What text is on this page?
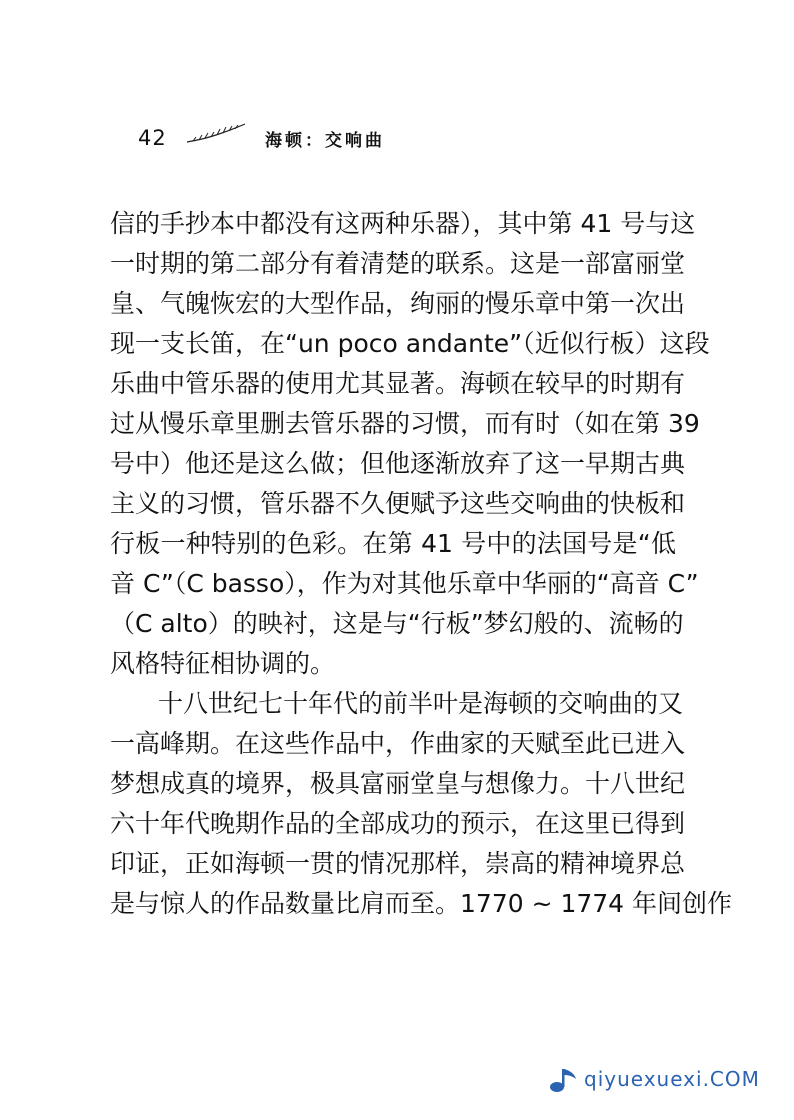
42	海顿：交响曲
信的手抄本中都没有这两种乐器），其中第 41 号与这
一时期的第二部分有着清楚的联系。这是一部富丽堂
皇、气魄恢宏的大型作品，绚丽的慢乐章中第一次出
现一支长笛，在“un poco andante”（近似行板）这段
乐曲中管乐器的使用尤其显著。海顿在较早的时期有
过从慢乐章里删去管乐器的习惯，而有时（如在第 39
号中）他还是这么做；但他逐渐放弃了这一早期古典
主义的习惯，管乐器不久便赋予这些交响曲的快板和
行板一种特别的色彩。在第 41 号中的法国号是“低
音 C”（C basso），作为对其他乐章中华丽的“高音 C”
（C alto）的映衬，这是与“行板”梦幻般的、流畅的
风格特征相协调的。
十八世纪七十年代的前半叶是海顿的交响曲的又
一高峰期。在这些作品中，作曲家的天赋至此已进入
梦想成真的境界，极具富丽堂皇与想像力。十八世纪
六十年代晚期作品的全部成功的预示，在这里已得到
印证，正如海顿一贯的情况那样，崇高的精神境界总
是与惊人的作品数量比肩而至。1770 ~ 1774 年间创作
qiyuexuexi.COM
